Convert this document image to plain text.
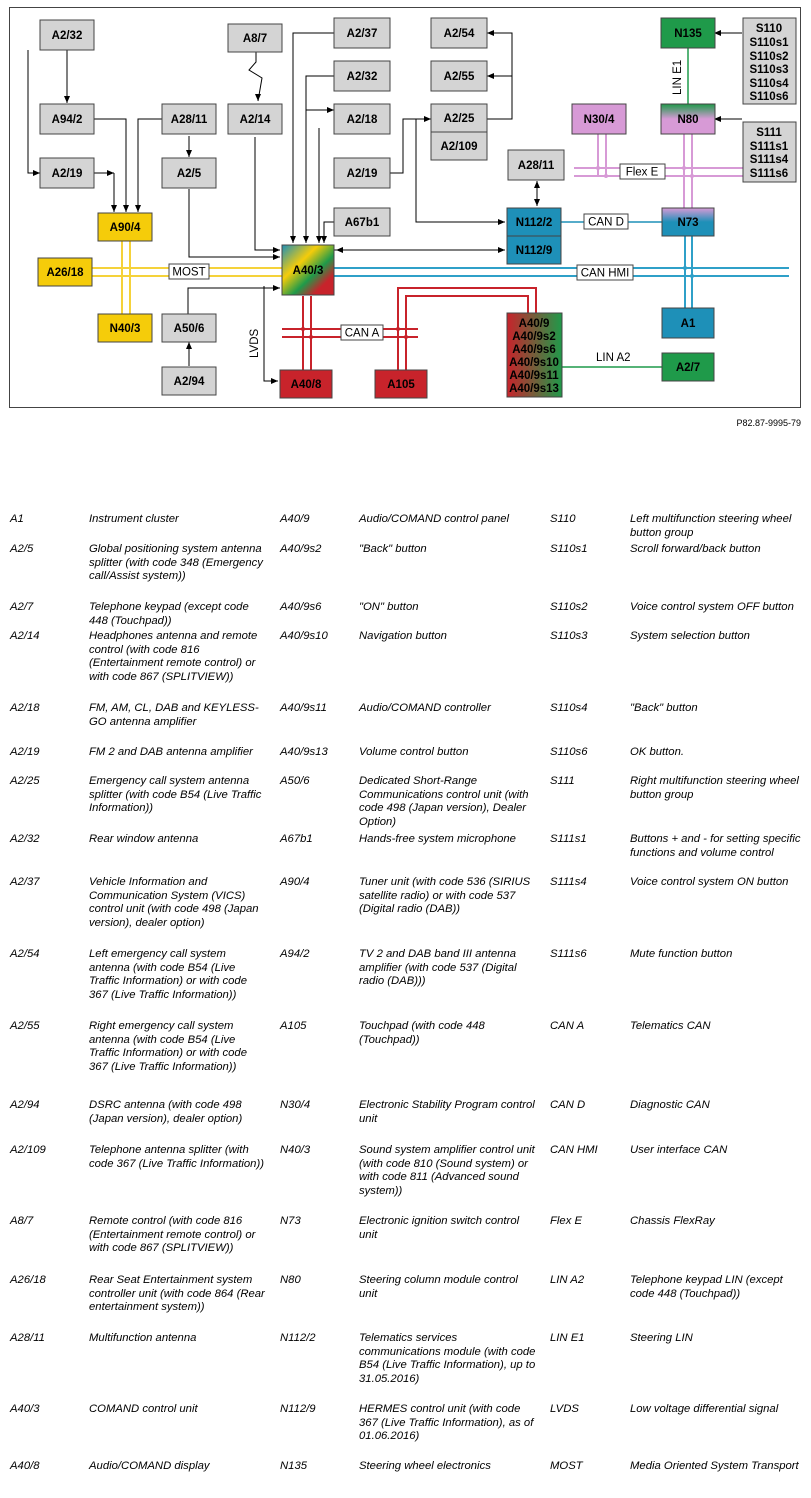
MOST	CAN HMI
CAN A
CAN D
Flex E
LIN E1
LIN A2
LVDS
A2/32
A94/2
A2/19
A28/11
A2/5
A90/4
A26/18
N40/3	A50/6
A2/94
A8/7
A2/14
A40/3
A2/37
A2/32
A2/18
A2/19
A67b1
A2/54
A2/55
A2/25
A2/109
A28/11
N112/2
N112/9
N135
N80
N30/4
N73
A1
A2/7
A40/8	A105
S110
S110s1
S110s2
S110s3
S110s4
S110s6
S111
S111s1
S111s4
S111s6
A40/9
A40/9s2
A40/9s6
A40/9s10
A40/9s11
A40/9s13
P82.87-9995-79
A1	Instrument cluster
A2/5	Global positioning system antenna splitter (with code 348 (Emergency call/Assist system))
A2/7	Telephone keypad (except code 448 (Touchpad))
A2/14	Headphones antenna and remote control (with code 816 (Entertainment remote control) or with code 867 (SPLITVIEW))
A2/18	FM, AM, CL, DAB and KEYLESS-GO antenna amplifier
A2/19	FM 2 and DAB antenna amplifier
A2/25	Emergency call system antenna splitter (with code B54 (Live Traffic Information))
A2/32	Rear window antenna
A2/37	Vehicle Information and Communication System (VICS) control unit (with code 498 (Japan version), dealer option)
A2/54	Left emergency call system antenna (with code B54 (Live Traffic Information) or with code 367 (Live Traffic Information))
A2/55	Right emergency call system antenna (with code B54 (Live Traffic Information) or with code 367 (Live Traffic Information))
A2/94	DSRC antenna (with code 498 (Japan version), dealer option)
A2/109	Telephone antenna splitter (with code 367 (Live Traffic Information))
A8/7	Remote control (with code 816 (Entertainment remote control) or with code 867 (SPLITVIEW))
A26/18	Rear Seat Entertainment system controller unit (with code 864 (Rear entertainment system))
A28/11	Multifunction antenna
A40/3	COMAND control unit
A40/8	Audio/COMAND display
A40/9	Audio/COMAND control panel
A40/9s2	"Back" button
A40/9s6	"ON" button
A40/9s10	Navigation button
A40/9s11	Audio/COMAND controller
A40/9s13	Volume control button
A50/6	Dedicated Short-Range Communications control unit (with code 498 (Japan version), Dealer Option)
A67b1	Hands-free system microphone
A90/4	Tuner unit (with code 536 (SIRIUS satellite radio) or with code 537 (Digital radio (DAB))
A94/2	TV 2 and DAB band III antenna amplifier (with code 537 (Digital radio (DAB)))
A105	Touchpad (with code 448 (Touchpad))
N30/4	Electronic Stability Program control unit
N40/3	Sound system amplifier control unit (with code 810 (Sound system) or with code 811 (Advanced sound system))
N73	Electronic ignition switch control unit
N80	Steering column module control unit
N112/2	Telematics services communications module (with code B54 (Live Traffic Information), up to 31.05.2016)
N112/9	HERMES control unit (with code 367 (Live Traffic Information), as of 01.06.2016)
N135	Steering wheel electronics
S110	Left multifunction steering wheel button group
S110s1	Scroll forward/back button
S110s2	Voice control system OFF button
S110s3	System selection button
S110s4	"Back" button
S110s6	OK button.
S111	Right multifunction steering wheel button group
S111s1	Buttons + and - for setting specific functions and volume control
S111s4	Voice control system ON button
S111s6	Mute function button
CAN A	Telematics CAN
CAN D	Diagnostic CAN
CAN HMI	User interface CAN
Flex E	Chassis FlexRay
LIN A2	Telephone keypad LIN (except code 448 (Touchpad))
LIN E1	Steering LIN
LVDS	Low voltage differential signal
MOST	Media Oriented System Transport
